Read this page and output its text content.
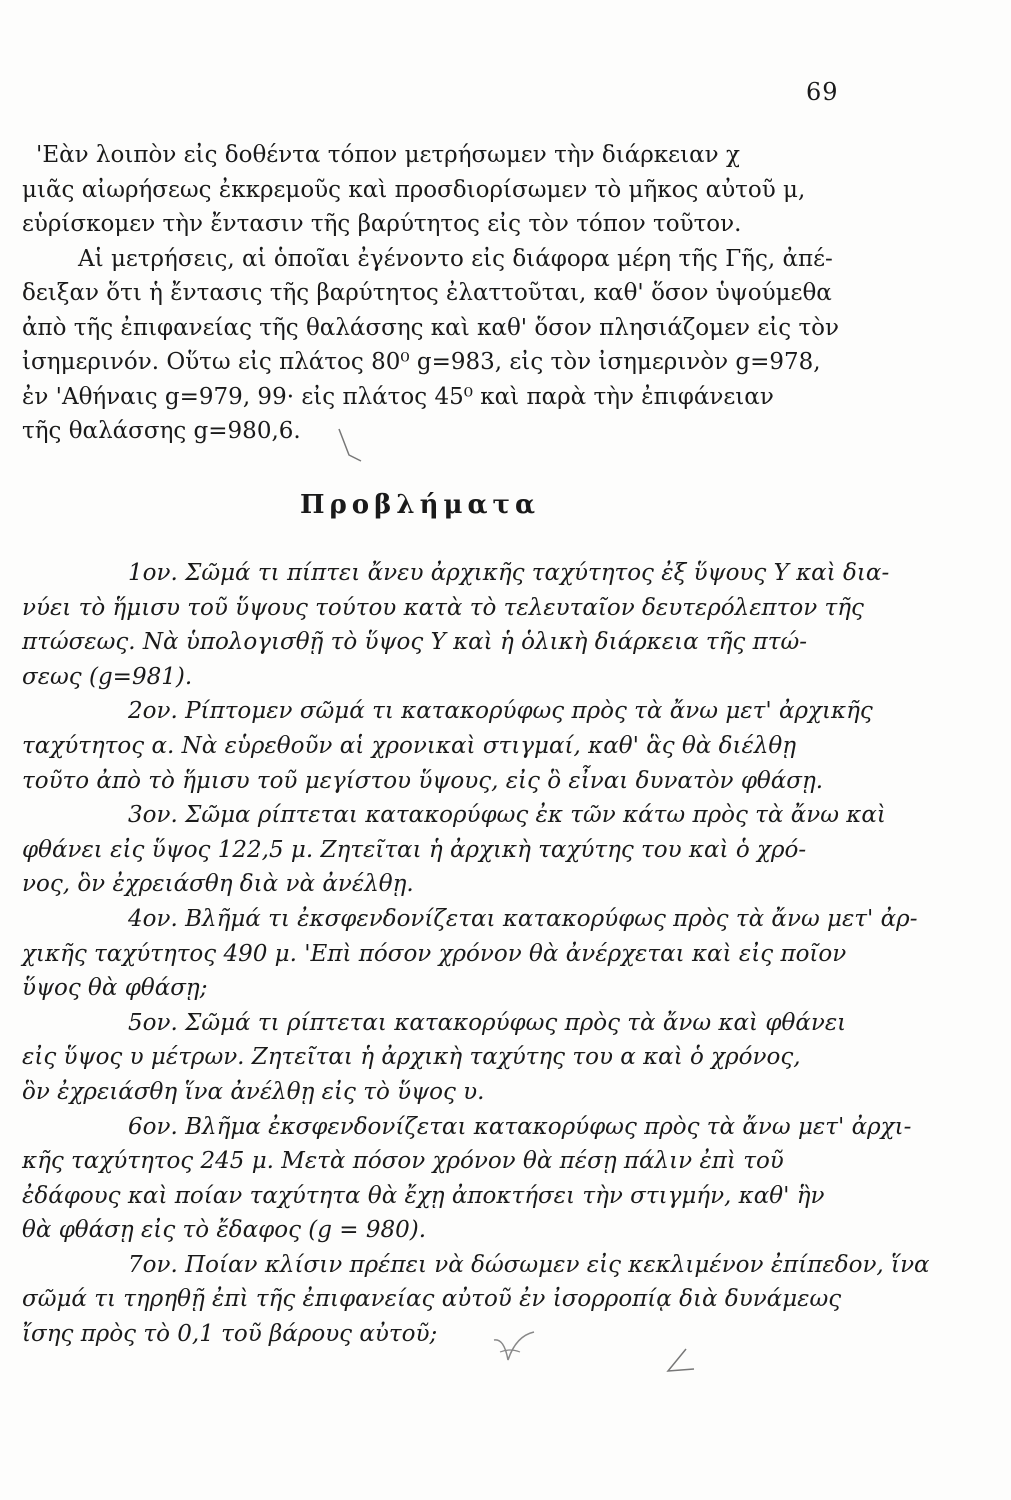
69
'Εὰν λοιπὸν εἰς δοθέντα τόπον μετρήσωμεν τὴν διάρκειαν χ
μιᾶς αἰωρήσεως ἐκκρεμοῦς καὶ προσδιορίσωμεν τὸ μῆκος αὐτοῦ μ,
εὑρίσκομεν τὴν ἔντασιν τῆς βαρύτητος εἰς τὸν τόπον τοῦτον.
Αἱ μετρήσεις, αἱ ὁποῖαι ἐγένοντο εἰς διάφορα μέρη τῆς Γῆς, ἀπέ-
δειξαν ὅτι ἡ ἔντασις τῆς βαρύτητος ἐλαττοῦται, καθ' ὅσον ὑψούμεθα
ἀπὸ τῆς ἐπιφανείας τῆς θαλάσσης καὶ καθ' ὅσον πλησιάζομεν εἰς τὸν
ἰσημερινόν. Οὕτω εἰς πλάτος 80⁰ g=983, εἰς τὸν ἰσημερινὸν g=978,
ἐν 'Αθήναις g=979, 99· εἰς πλάτος 45⁰ καὶ παρὰ τὴν ἐπιφάνειαν
τῆς θαλάσσης g=980,6.
Προβλήματα
1ον. Σῶμά τι πίπτει ἄνευ ἀρχικῆς ταχύτητος ἐξ ὕψους Y καὶ δια-
νύει τὸ ἥμισυ τοῦ ὕψους τούτου κατὰ τὸ τελευταῖον δευτερόλεπτον τῆς
πτώσεως. Νὰ ὑπολογισθῇ τὸ ὕψος Y καὶ ἡ ὁλικὴ διάρκεια τῆς πτώ-
σεως (g=981).
2ον. Ρίπτομεν σῶμά τι κατακορύφως πρὸς τὰ ἄνω μετ' ἀρχικῆς
ταχύτητος α. Νὰ εὑρεθοῦν αἱ χρονικαὶ στιγμαί, καθ' ἃς θὰ διέλθῃ
τοῦτο ἀπὸ τὸ ἥμισυ τοῦ μεγίστου ὕψους, εἰς ὃ εἶναι δυνατὸν φθάσῃ.
3ον. Σῶμα ρίπτεται κατακορύφως ἐκ τῶν κάτω πρὸς τὰ ἄνω καὶ
φθάνει εἰς ὕψος 122,5 μ. Ζητεῖται ἡ ἀρχικὴ ταχύτης του καὶ ὁ χρό-
νος, ὃν ἐχρειάσθη διὰ νὰ ἀνέλθῃ.
4ον. Βλῆμά τι ἐκσφενδονίζεται κατακορύφως πρὸς τὰ ἄνω μετ' ἀρ-
χικῆς ταχύτητος 490 μ. 'Επὶ πόσον χρόνον θὰ ἀνέρχεται καὶ εἰς ποῖον
ὕψος θὰ φθάσῃ;
5ον. Σῶμά τι ρίπτεται κατακορύφως πρὸς τὰ ἄνω καὶ φθάνει
εἰς ὕψος υ μέτρων. Ζητεῖται ἡ ἀρχικὴ ταχύτης του α καὶ ὁ χρόνος,
ὃν ἐχρειάσθη ἵνα ἀνέλθῃ εἰς τὸ ὕψος υ.
6ον. Βλῆμα ἐκσφενδονίζεται κατακορύφως πρὸς τὰ ἄνω μετ' ἀρχι-
κῆς ταχύτητος 245 μ. Μετὰ πόσον χρόνον θὰ πέσῃ πάλιν ἐπὶ τοῦ
ἐδάφους καὶ ποίαν ταχύτητα θὰ ἔχῃ ἀποκτήσει τὴν στιγμήν, καθ' ἣν
θὰ φθάσῃ εἰς τὸ ἔδαφος (g = 980).
7ον. Ποίαν κλίσιν πρέπει νὰ δώσωμεν εἰς κεκλιμένον ἐπίπεδον, ἵνα
σῶμά τι τηρηθῇ ἐπὶ τῆς ἐπιφανείας αὐτοῦ ἐν ἰσορροπίᾳ διὰ δυνάμεως
ἴσης πρὸς τὸ 0,1 τοῦ βάρους αὐτοῦ;
